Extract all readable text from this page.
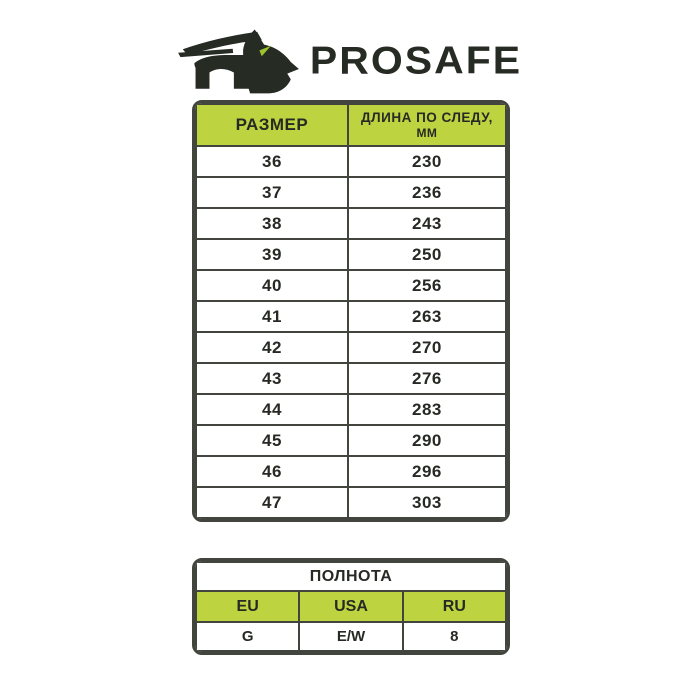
PROSAFE
РАЗМЕР	ДЛИНА ПО СЛЕДУ,
ММ

36	230
37	236
38	243
39	250
40	256
41	263
42	270
43	276
44	283
45	290
46	296
47	303
ПОЛНОТА		
EU	USA	RU
G	E/W	8
